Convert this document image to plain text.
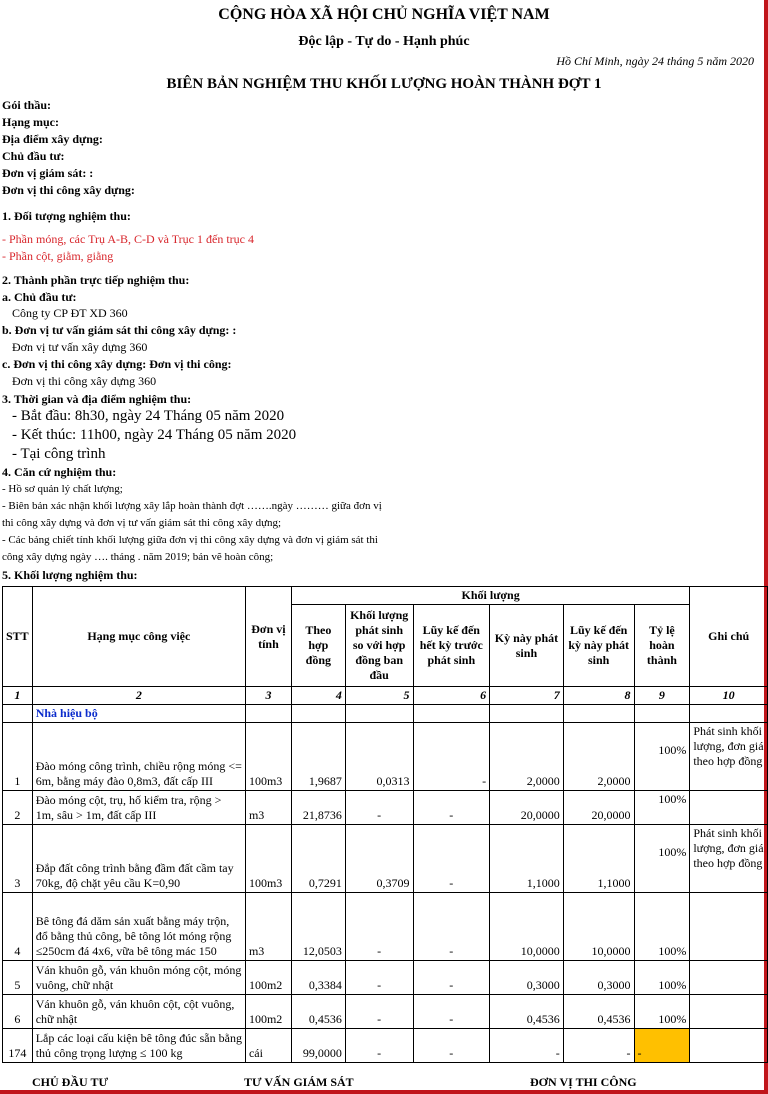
CỘNG HÒA XÃ HỘI CHỦ NGHĨA VIỆT NAM
Độc lập - Tự do - Hạnh phúc
Hồ Chí Minh, ngày 24 tháng 5 năm 2020
BIÊN BẢN NGHIỆM THU KHỐI LƯỢNG HOÀN THÀNH ĐỢT 1
Gói thầu:
Hạng mục:
Địa điểm xây dựng:
Chủ đầu tư:
Đơn vị giám sát: :
Đơn vị thi công xây dựng:
1. Đối tượng nghiệm thu:
- Phần móng, các Trụ A-B, C-D và Trục 1 đến trục 4
- Phần cột, giằm, giằng
2. Thành phần trực tiếp nghiệm thu:
a. Chủ đầu tư:
Công ty CP ĐT XD 360
b. Đơn vị tư vấn giám sát thi công xây dựng: :
Đơn vị tư vấn xây dựng 360
c. Đơn vị thi công xây dựng: Đơn vị thi công:
Đơn vị thi công xây dựng 360
3. Thời gian và địa điểm nghiệm thu:
- Bắt đầu: 8h30, ngày 24 Tháng 05 năm 2020
- Kết thúc: 11h00, ngày 24 Tháng 05 năm 2020
- Tại công trình
4. Căn cứ nghiệm thu:
- Hồ sơ quản lý chất lượng;
- Biên bản xác nhận khối lượng xây lắp hoàn thành đợt …….ngày ……… giữa đơn vị
thi công xây dựng và đơn vị tư vấn giám sát thi công xây dựng;
- Các bảng chiết tính khối lượng giữa đơn vị thi công xây dựng và đơn vị giám sát thi
công xây dựng ngày …. tháng . năm 2019; bản vẽ hoàn công;
5. Khối lượng nghiệm thu:
STT	Hạng mục công việc	Đơn vị tính	Khối lượng						Ghi chú
			Theo hợp đồng	Khối lượng phát sinh so với hợp đồng ban đầu	Lũy kế đến hết kỳ trước phát sinh	Kỳ này phát sinh	Lũy kế đến kỳ này phát sinh	Tỷ lệ hoàn thành	
1	2	3	4	5	6	7	8	9	10
	Nhà hiệu bộ								
1	Đào móng công trình, chiều rộng móng <= 6m, bằng máy đào 0,8m3, đất cấp III	100m3	1,9687	0,0313	-	2,0000	2,0000	100%	Phát sinh khối lượng, đơn giá theo hợp đồng
2	Đào móng cột, trụ, hố kiểm tra, rộng > 1m, sâu > 1m, đất cấp III	m3	21,8736	-	-	20,0000	20,0000	100%	
3	Đắp đất công trình bằng đầm đất cầm tay 70kg, độ chặt yêu cầu K=0,90	100m3	0,7291	0,3709	-	1,1000	1,1000	100%	Phát sinh khối lượng, đơn giá theo hợp đồng
4	Bê tông đá dăm sản xuất bằng máy trộn, đổ bằng thủ công, bê tông lót móng rộng ≤250cm đá 4x6, vữa bê tông mác 150	m3	12,0503	-	-	10,0000	10,0000	100%	
5	Ván khuôn gỗ, ván khuôn móng cột, móng vuông, chữ nhật	100m2	0,3384	-	-	0,3000	0,3000	100%	
6	Ván khuôn gỗ, ván khuôn cột, cột vuông, chữ nhật	100m2	0,4536	-	-	0,4536	0,4536	100%	
174	Lắp các loại cấu kiện bê tông đúc sẵn bằng thủ công trọng lượng ≤ 100 kg	cái	99,0000	-	-	-	-	-	
CHỦ ĐẦU TƯ	TƯ VẤN GIÁM SÁT	ĐƠN VỊ THI CÔNG
